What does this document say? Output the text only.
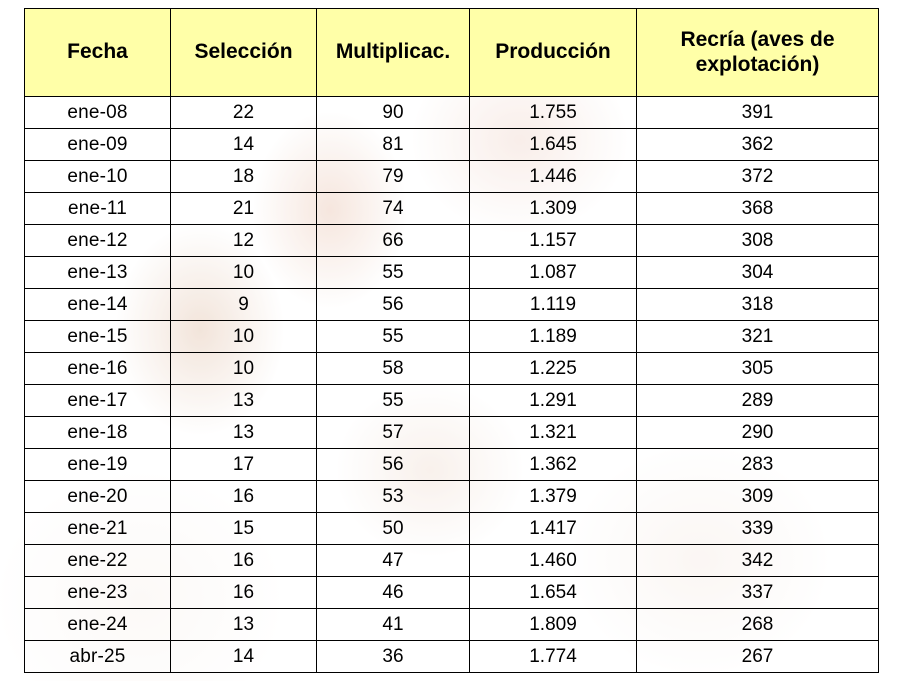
Fecha	Selección	Multiplicac.	Producción	Recría (aves de explotación)
ene-08	22	90	1.755	391
ene-09	14	81	1.645	362
ene-10	18	79	1.446	372
ene-11	21	74	1.309	368
ene-12	12	66	1.157	308
ene-13	10	55	1.087	304
ene-14	9	56	1.119	318
ene-15	10	55	1.189	321
ene-16	10	58	1.225	305
ene-17	13	55	1.291	289
ene-18	13	57	1.321	290
ene-19	17	56	1.362	283
ene-20	16	53	1.379	309
ene-21	15	50	1.417	339
ene-22	16	47	1.460	342
ene-23	16	46	1.654	337
ene-24	13	41	1.809	268
abr-25	14	36	1.774	267
